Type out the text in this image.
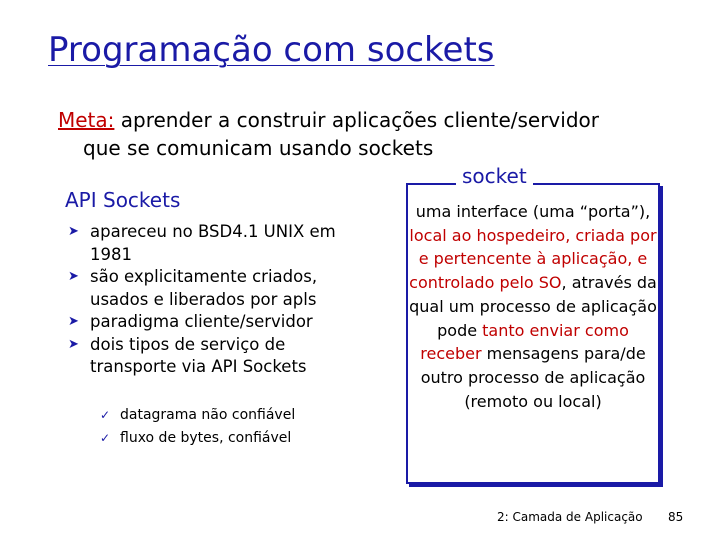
Programação com sockets
Meta: aprender a construir aplicações cliente/servidor
que se comunicam usando sockets
API Sockets
➤ apareceu no BSD4.1 UNIX em 1981
➤ são explicitamente criados, usados e liberados por apls
➤ paradigma cliente/servidor
➤ dois tipos de serviço de transporte via API Sockets
✓ datagrama não confiável
✓ fluxo de bytes, confiável
socket
uma interface (uma “porta”), local ao hospedeiro, criada por e pertencente à aplicação, e controlado pelo SO, através da qual um processo de aplicação pode tanto enviar como receber mensagens para/de outro processo de aplicação (remoto ou local)
2: Camada de Aplicação 85
